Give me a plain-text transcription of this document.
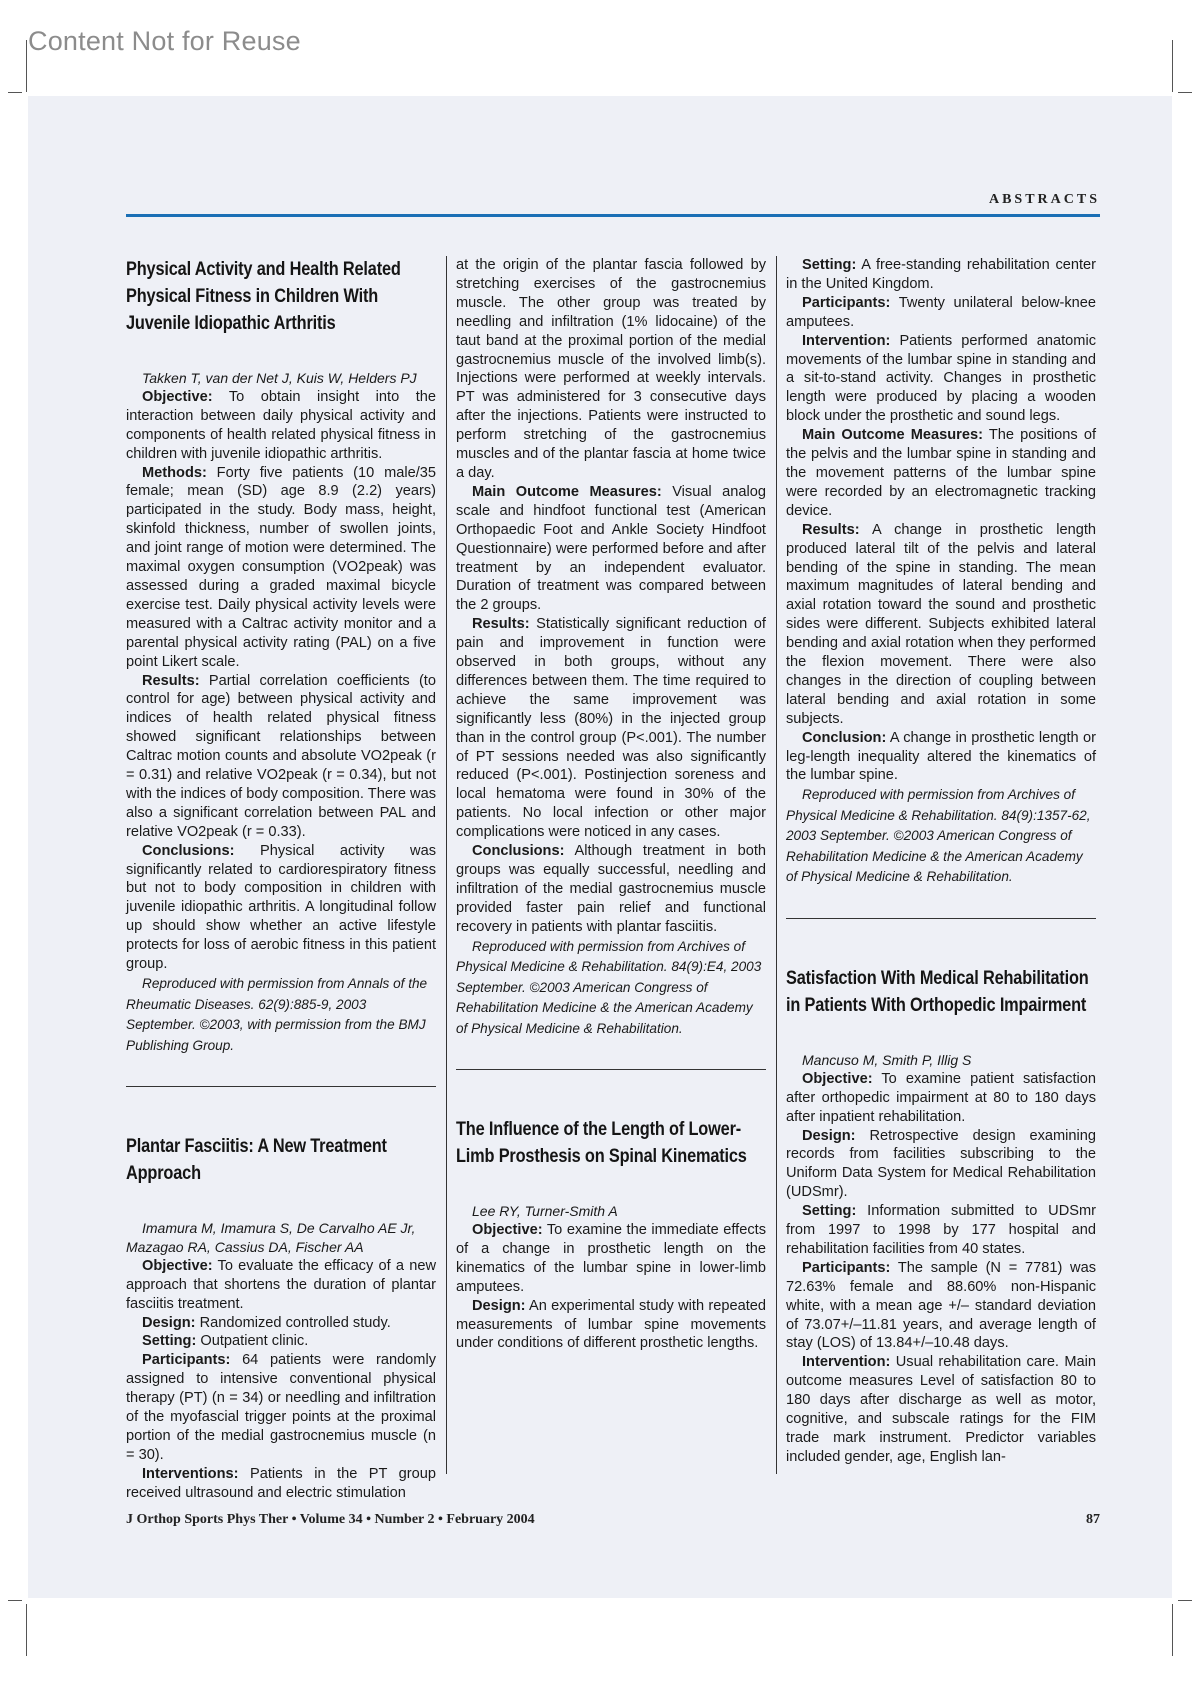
Content Not for Reuse
ABSTRACTS
Physical Activity and Health Related Physical Fitness in Children With Juvenile Idiopathic Arthritis

Takken T, van der Net J, Kuis W, Helders PJ

Objective: To obtain insight into the interaction between daily physical activity and components of health related physical fitness in children with juvenile idiopathic arthritis.

Methods: Forty five patients (10 male/35 female; mean (SD) age 8.9 (2.2) years) participated in the study. Body mass, height, skinfold thickness, number of swollen joints, and joint range of motion were determined. The maximal oxygen consumption (VO2peak) was assessed during a graded maximal bicycle exercise test. Daily physical activity levels were measured with a Caltrac activity monitor and a parental physical activity rating (PAL) on a five point Likert scale.

Results: Partial correlation coefficients (to control for age) between physical activity and indices of health related physical fitness showed significant relationships between Caltrac motion counts and absolute VO2peak (r = 0.31) and relative VO2peak (r = 0.34), but not with the indices of body composition. There was also a significant correlation between PAL and relative VO2peak (r = 0.33).

Conclusions: Physical activity was significantly related to cardiorespiratory fitness but not to body composition in children with juvenile idiopathic arthritis. A longitudinal follow up should show whether an active lifestyle protects for loss of aerobic fitness in this patient group.

Reproduced with permission from Annals of the Rheumatic Diseases. 62(9):885-9, 2003 September. ©2003, with permission from the BMJ Publishing Group.

Plantar Fasciitis: A New Treatment Approach

Imamura M, Imamura S, De Carvalho AE Jr, Mazagao RA, Cassius DA, Fischer AA

Objective: To evaluate the efficacy of a new approach that shortens the duration of plantar fasciitis treatment.

Design: Randomized controlled study.

Setting: Outpatient clinic.

Participants: 64 patients were randomly assigned to intensive conventional physical therapy (PT) (n = 34) or needling and infiltration of the myofascial trigger points at the proximal portion of the medial gastrocnemius muscle (n = 30).

Interventions: Patients in the PT group received ultrasound and electric stimulation

at the origin of the plantar fascia followed by stretching exercises of the gastrocnemius muscle. The other group was treated by needling and infiltration (1% lidocaine) of the taut band at the proximal portion of the medial gastrocnemius muscle of the involved limb(s). Injections were performed at weekly intervals. PT was administered for 3 consecutive days after the injections. Patients were instructed to perform stretching of the gastrocnemius muscles and of the plantar fascia at home twice a day.

Main Outcome Measures: Visual analog scale and hindfoot functional test (American Orthopaedic Foot and Ankle Society Hindfoot Questionnaire) were performed before and after treatment by an independent evaluator. Duration of treatment was compared between the 2 groups.

Results: Statistically significant reduction of pain and improvement in function were observed in both groups, without any differences between them. The time required to achieve the same improvement was significantly less (80%) in the injected group than in the control group (P<.001). The number of PT sessions needed was also significantly reduced (P<.001). Postinjection soreness and local hematoma were found in 30% of the patients. No local infection or other major complications were noticed in any cases.

Conclusions: Although treatment in both groups was equally successful, needling and infiltration of the medial gastrocnemius muscle provided faster pain relief and functional recovery in patients with plantar fasciitis.

Reproduced with permission from Archives of Physical Medicine & Rehabilitation. 84(9):E4, 2003 September. ©2003 American Congress of Rehabilitation Medicine & the American Academy of Physical Medicine & Rehabilitation.

The Influence of the Length of Lower-Limb Prosthesis on Spinal Kinematics

Lee RY, Turner-Smith A

Objective: To examine the immediate effects of a change in prosthetic length on the kinematics of the lumbar spine in lower-limb amputees.

Design: An experimental study with repeated measurements of lumbar spine movements under conditions of different prosthetic lengths.

Setting: A free-standing rehabilitation center in the United Kingdom.

Participants: Twenty unilateral below-knee amputees.

Intervention: Patients performed anatomic movements of the lumbar spine in standing and a sit-to-stand activity. Changes in prosthetic length were produced by placing a wooden block under the prosthetic and sound legs.

Main Outcome Measures: The positions of the pelvis and the lumbar spine in standing and the movement patterns of the lumbar spine were recorded by an electromagnetic tracking device.

Results: A change in prosthetic length produced lateral tilt of the pelvis and lateral bending of the spine in standing. The mean maximum magnitudes of lateral bending and axial rotation toward the sound and prosthetic sides were different. Subjects exhibited lateral bending and axial rotation when they performed the flexion movement. There were also changes in the direction of coupling between lateral bending and axial rotation in some subjects.

Conclusion: A change in prosthetic length or leg-length inequality altered the kinematics of the lumbar spine.

Reproduced with permission from Archives of Physical Medicine & Rehabilitation. 84(9):1357-62, 2003 September. ©2003 American Congress of Rehabilitation Medicine & the American Academy of Physical Medicine & Rehabilitation.

Satisfaction With Medical Rehabilitation in Patients With Orthopedic Impairment

Mancuso M, Smith P, Illig S

Objective: To examine patient satisfaction after orthopedic impairment at 80 to 180 days after inpatient rehabilitation.

Design: Retrospective design examining records from facilities subscribing to the Uniform Data System for Medical Rehabilitation (UDSmr).

Setting: Information submitted to UDSmr from 1997 to 1998 by 177 hospital and rehabilitation facilities from 40 states.

Participants: The sample (N = 7781) was 72.63% female and 88.60% non-Hispanic white, with a mean age +/– standard deviation of 73.07+/–11.81 years, and average length of stay (LOS) of 13.84+/–10.48 days.

Intervention: Usual rehabilitation care. Main outcome measures Level of satisfaction 80 to 180 days after discharge as well as motor, cognitive, and subscale ratings for the FIM trade mark instrument. Predictor variables included gender, age, English lan-

J Orthop Sports Phys Ther • Volume 34 • Number 2 • February 2004	87
